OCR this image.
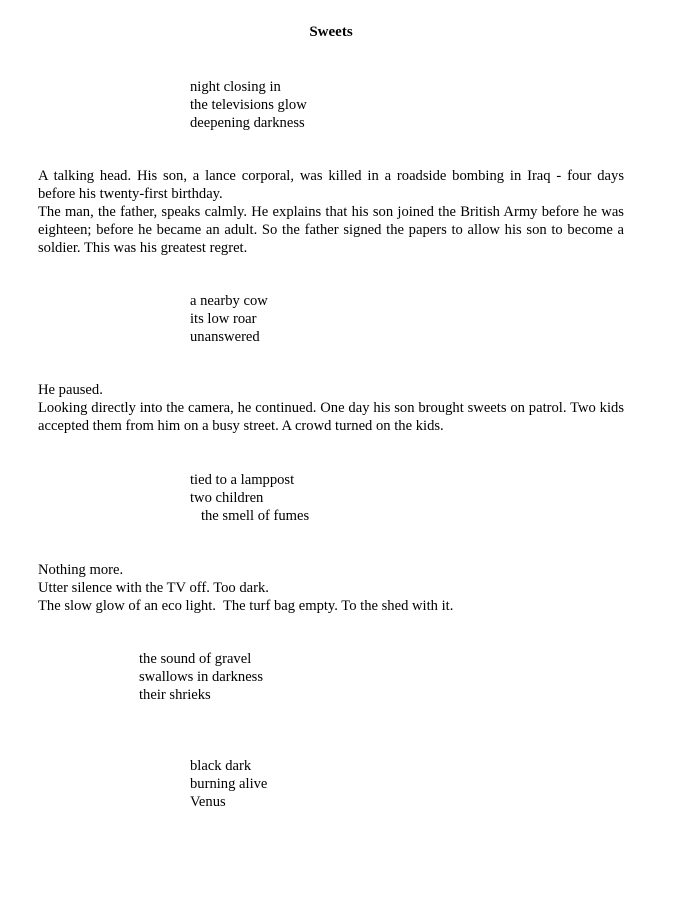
Sweets
night closing in
the televisions glow
deepening darkness

A talking head. His son, a lance corporal, was killed in a roadside bombing in Iraq - four days before his twenty-first birthday.

The man, the father, speaks calmly. He explains that his son joined the British Army before he was eighteen; before he became an adult. So the father signed the papers to allow his son to become a soldier. This was his greatest regret.

a nearby cow
its low roar
unanswered

He paused.

Looking directly into the camera, he continued. One day his son brought sweets on patrol. Two kids accepted them from him on a busy street. A crowd turned on the kids.

tied to a lamppost
two children
the smell of fumes

Nothing more.

Utter silence with the TV off. Too dark.

The slow glow of an eco light.  The turf bag empty. To the shed with it.

the sound of gravel
swallows in darkness
their shrieks
black dark
burning alive
Venus
